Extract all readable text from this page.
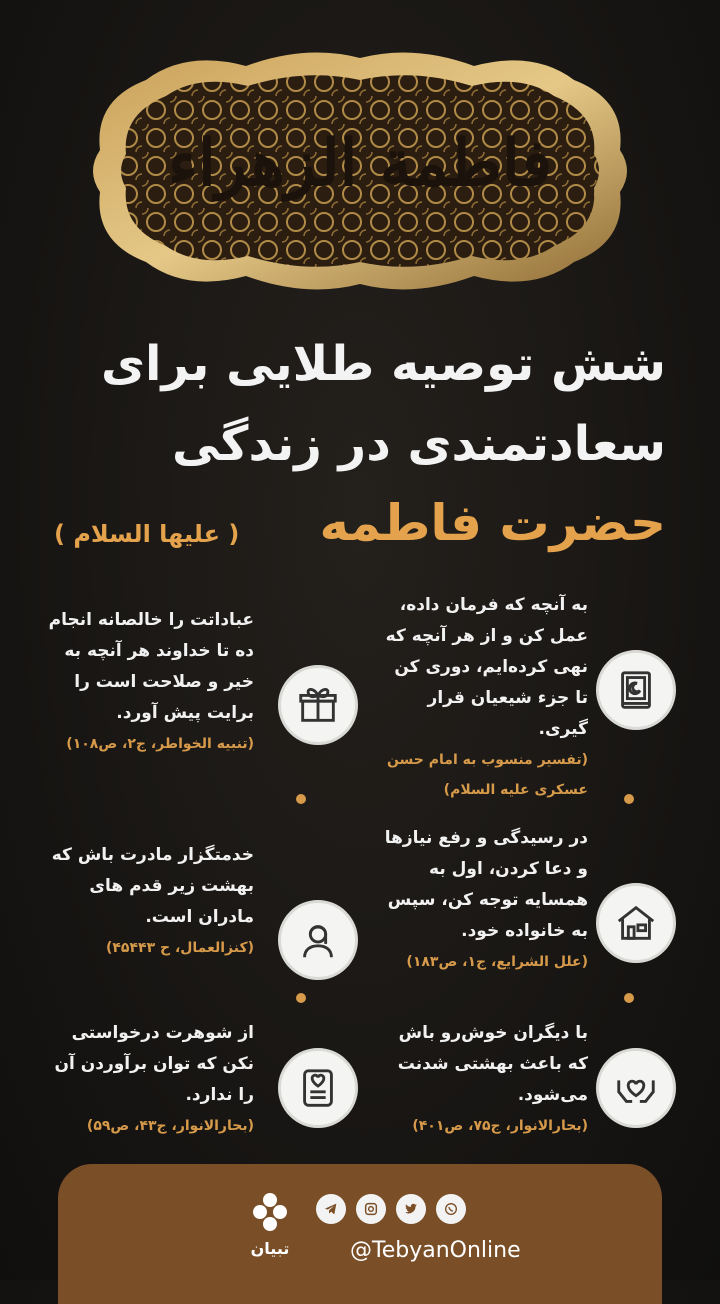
فاطمة الزهراء
شش توصیه طلایی برای
سعادتمندی در زندگی
حضرت فاطمه
( علیها السلام )
به آنچه که فرمان داده، عمل کن و از هر آنچه که نهی کرده‌ایم، دوری کن تا جزء شیعیان قرار گیری.
(تفسیر منسوب به امام حسن عسکری علیه السلام)
عباداتت را خالصانه انجام ده تا خداوند هر آنچه به خیر و صلاحت است را برایت پیش آورد.
(تنبیه الخواطر، ج۲، ص۱۰۸)
در رسیدگی و رفع نیازها و دعا کردن، اول به همسایه توجه کن، سپس به خانواده خود.
(علل الشرایع، ج۱، ص۱۸۳)
خدمتگزار مادرت باش که بهشت زیر قدم های مادران است.
(کنزالعمال، ح ۴۵۴۴۳)
با دیگران خوش‌رو باش که باعث بهشتی شدنت می‌شود.
(بحارالانوار، ج۷۵، ص۴۰۱)
از شوهرت درخواستی نکن که توان برآوردن آن را ندارد.
(بحارالانوار، ج۴۳، ص۵۹)
تبیان	@TebyanOnline
